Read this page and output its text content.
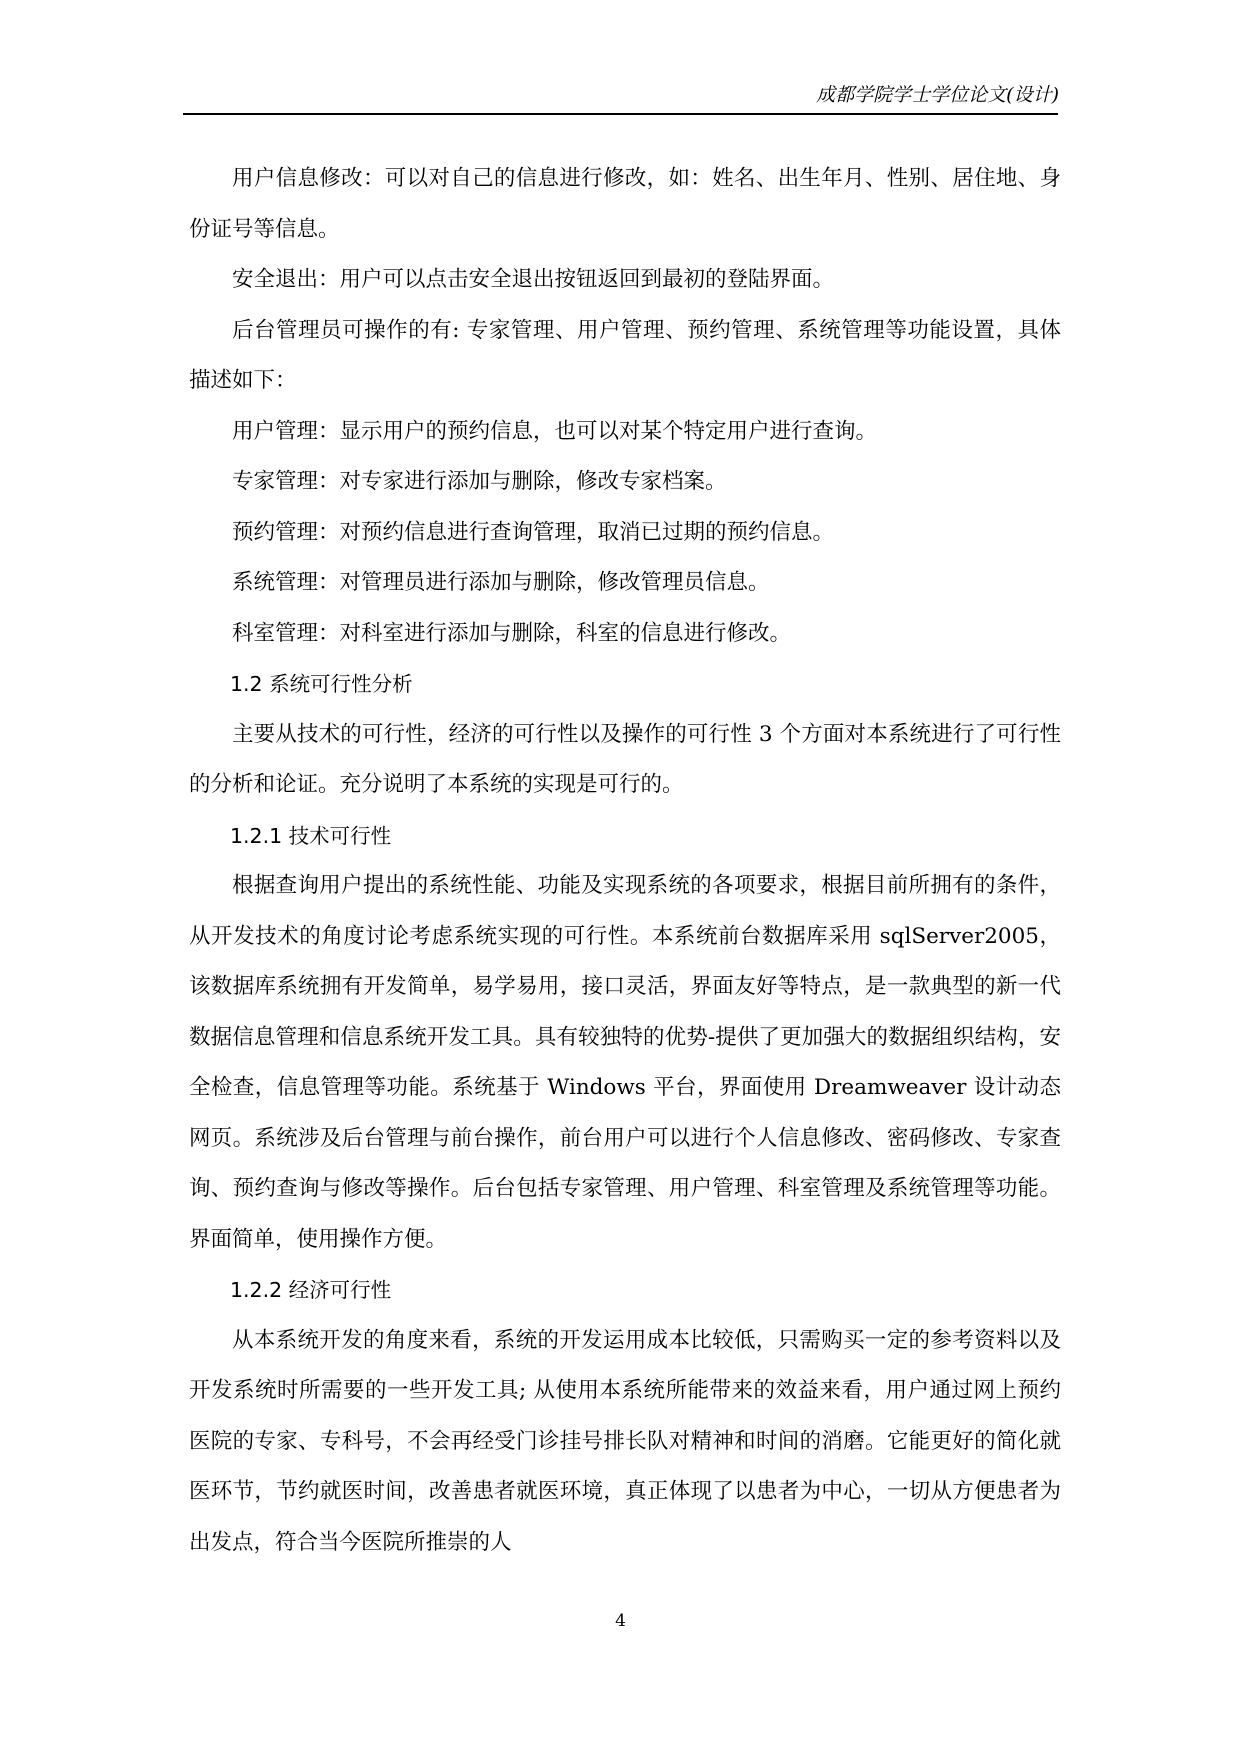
成都学院学士学位论文(设计)

用户信息修改：可以对自己的信息进行修改，如：姓名、出生年月、性别、居住地、身份证号等信息。

安全退出：用户可以点击安全退出按钮返回到最初的登陆界面。

后台管理员可操作的有: 专家管理、用户管理、预约管理、系统管理等功能设置，具体描述如下：

用户管理：显示用户的预约信息，也可以对某个特定用户进行查询。

专家管理：对专家进行添加与删除，修改专家档案。

预约管理：对预约信息进行查询管理，取消已过期的预约信息。

系统管理：对管理员进行添加与删除，修改管理员信息。

科室管理：对科室进行添加与删除，科室的信息进行修改。

1.2 系统可行性分析

主要从技术的可行性，经济的可行性以及操作的可行性 3 个方面对本系统进行了可行性的分析和论证。充分说明了本系统的实现是可行的。

1.2.1 技术可行性

根据查询用户提出的系统性能、功能及实现系统的各项要求，根据目前所拥有的条件，从开发技术的角度讨论考虑系统实现的可行性。本系统前台数据库采用 sqlServer2005，该数据库系统拥有开发简单，易学易用，接口灵活，界面友好等特点，是一款典型的新一代数据信息管理和信息系统开发工具。具有较独特的优势-提供了更加强大的数据组织结构，安全检查，信息管理等功能。系统基于 Windows 平台，界面使用 Dreamweaver 设计动态网页。系统涉及后台管理与前台操作，前台用户可以进行个人信息修改、密码修改、专家查询、预约查询与修改等操作。后台包括专家管理、用户管理、科室管理及系统管理等功能。界面简单，使用操作方便。

1.2.2 经济可行性

从本系统开发的角度来看，系统的开发运用成本比较低，只需购买一定的参考资料以及开发系统时所需要的一些开发工具; 从使用本系统所能带来的效益来看，用户通过网上预约医院的专家、专科号，不会再经受门诊挂号排长队对精神和时间的消磨。它能更好的简化就医环节，节约就医时间，改善患者就医环境，真正体现了以患者为中心，一切从方便患者为出发点，符合当今医院所推崇的人

4
